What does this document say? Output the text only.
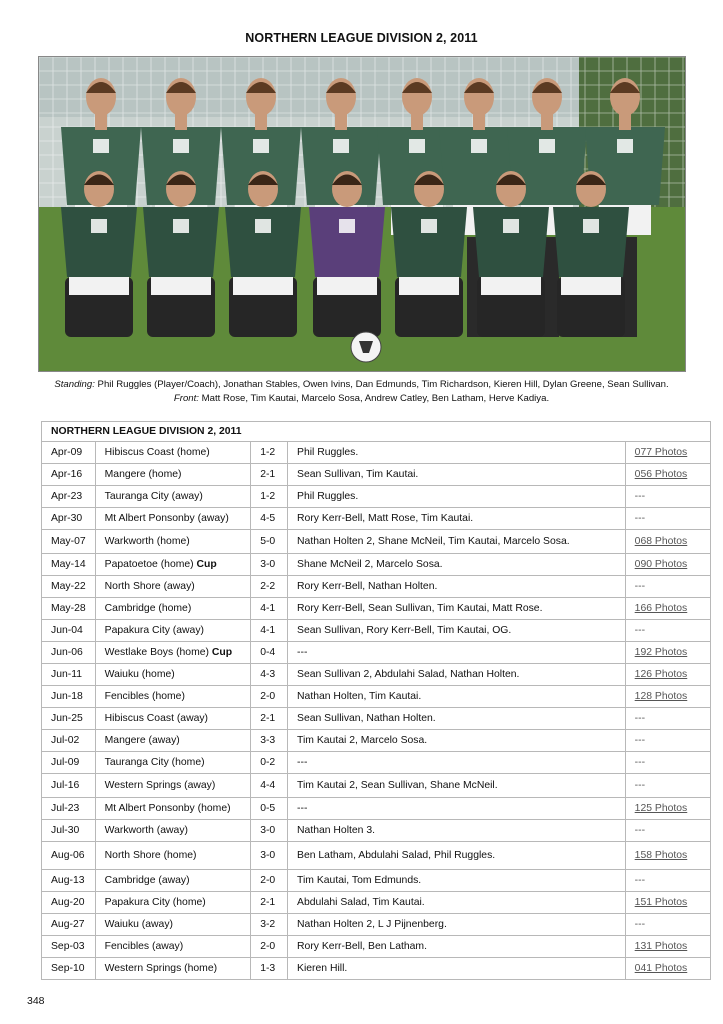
NORTHERN LEAGUE DIVISION 2, 2011
Standing: Phil Ruggles (Player/Coach), Jonathan Stables, Owen Ivins, Dan Edmunds, Tim Richardson, Kieren Hill, Dylan Greene, Sean Sullivan.
Front: Matt Rose, Tim Kautai, Marcelo Sosa, Andrew Catley, Ben Latham, Herve Kadiya.
NORTHERN LEAGUE DIVISION 2, 2011				
Apr-09	Hibiscus Coast (home)	1-2	Phil Ruggles.	077 Photos
Apr-16	Mangere (home)	2-1	Sean Sullivan, Tim Kautai.	056 Photos
Apr-23	Tauranga City (away)	1-2	Phil Ruggles.	---
Apr-30	Mt Albert Ponsonby (away)	4-5	Rory Kerr-Bell, Matt Rose, Tim Kautai.	---
May-07	Warkworth (home)	5-0	Nathan Holten 2, Shane McNeil, Tim Kautai, Marcelo Sosa.	068 Photos
May-14	Papatoetoe (home) Cup	3-0	Shane McNeil 2, Marcelo Sosa.	090 Photos
May-22	North Shore (away)	2-2	Rory Kerr-Bell, Nathan Holten.	---
May-28	Cambridge (home)	4-1	Rory Kerr-Bell, Sean Sullivan, Tim Kautai, Matt Rose.	166 Photos
Jun-04	Papakura City (away)	4-1	Sean Sullivan, Rory Kerr-Bell, Tim Kautai, OG.	---
Jun-06	Westlake Boys (home) Cup	0-4	---	192 Photos
Jun-11	Waiuku (home)	4-3	Sean Sullivan 2, Abdulahi Salad, Nathan Holten.	126 Photos
Jun-18	Fencibles (home)	2-0	Nathan Holten, Tim Kautai.	128 Photos
Jun-25	Hibiscus Coast (away)	2-1	Sean Sullivan, Nathan Holten.	---
Jul-02	Mangere (away)	3-3	Tim Kautai 2, Marcelo Sosa.	---
Jul-09	Tauranga City (home)	0-2	---	---
Jul-16	Western Springs (away)	4-4	Tim Kautai 2, Sean Sullivan, Shane McNeil.	---
Jul-23	Mt Albert Ponsonby (home)	0-5	---	125 Photos
Jul-30	Warkworth (away)	3-0	Nathan Holten 3.	---
Aug-06	North Shore (home)	3-0	Ben Latham, Abdulahi Salad, Phil Ruggles.	158 Photos
Aug-13	Cambridge (away)	2-0	Tim Kautai, Tom Edmunds.	---
Aug-20	Papakura City (home)	2-1	Abdulahi Salad, Tim Kautai.	151 Photos
Aug-27	Waiuku (away)	3-2	Nathan Holten 2, L J Pijnenberg.	---
Sep-03	Fencibles (away)	2-0	Rory Kerr-Bell, Ben Latham.	131 Photos
Sep-10	Western Springs (home)	1-3	Kieren Hill.	041 Photos
348
